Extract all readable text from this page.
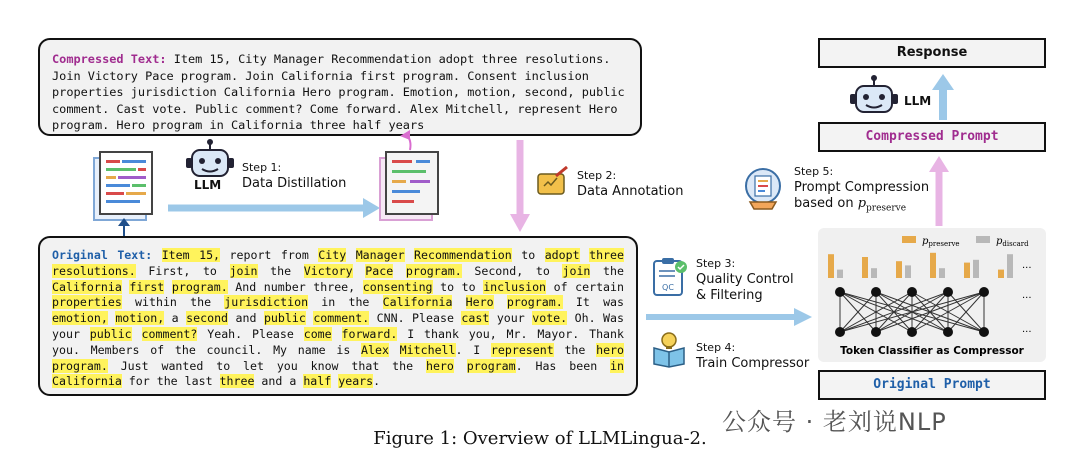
Compressed Text: Item 15, City Manager Recommendation adopt three resolutions. Join Victory Pace program. Join California first program. Consent inclusion properties jurisdiction California Hero program. Emotion, motion, second, public comment. Cast vote. Public comment? Come forward. Alex Mitchell, represent Hero program. Hero program in California three half years
Original Text: Item 15, report from City Manager Recommendation to adopt three resolutions. First, to join the Victory Pace program. Second, to join the California first program. And number three, consenting to to inclusion of certain properties within the jurisdiction in the California Hero program. It was emotion, motion, a second and public comment. CNN. Please cast your vote. Oh. Was your public comment? Yeah. Please come forward. I thank you, Mr. Mayor. Thank you. Members of the council. My name is Alex Mitchell. I represent the hero program. Just wanted to let you know that the hero program. Has been in California for the last three and a half years.
LLM
Step 1:
Data Distillation
Step 2:
Data Annotation
QC
Step 3:
Quality Control
& Filtering
Step 4:
Train Compressor
Step 5:
Prompt Compression
based on $p_{preserve}$
Response
LLM
Compressed Prompt
$p_{preserve}$	$p_{discard}$
...
...
...
Token Classifier as Compressor
Original Prompt
Figure 1: Overview of LLMLingua-2.
公众号 · 老刘说NLP
